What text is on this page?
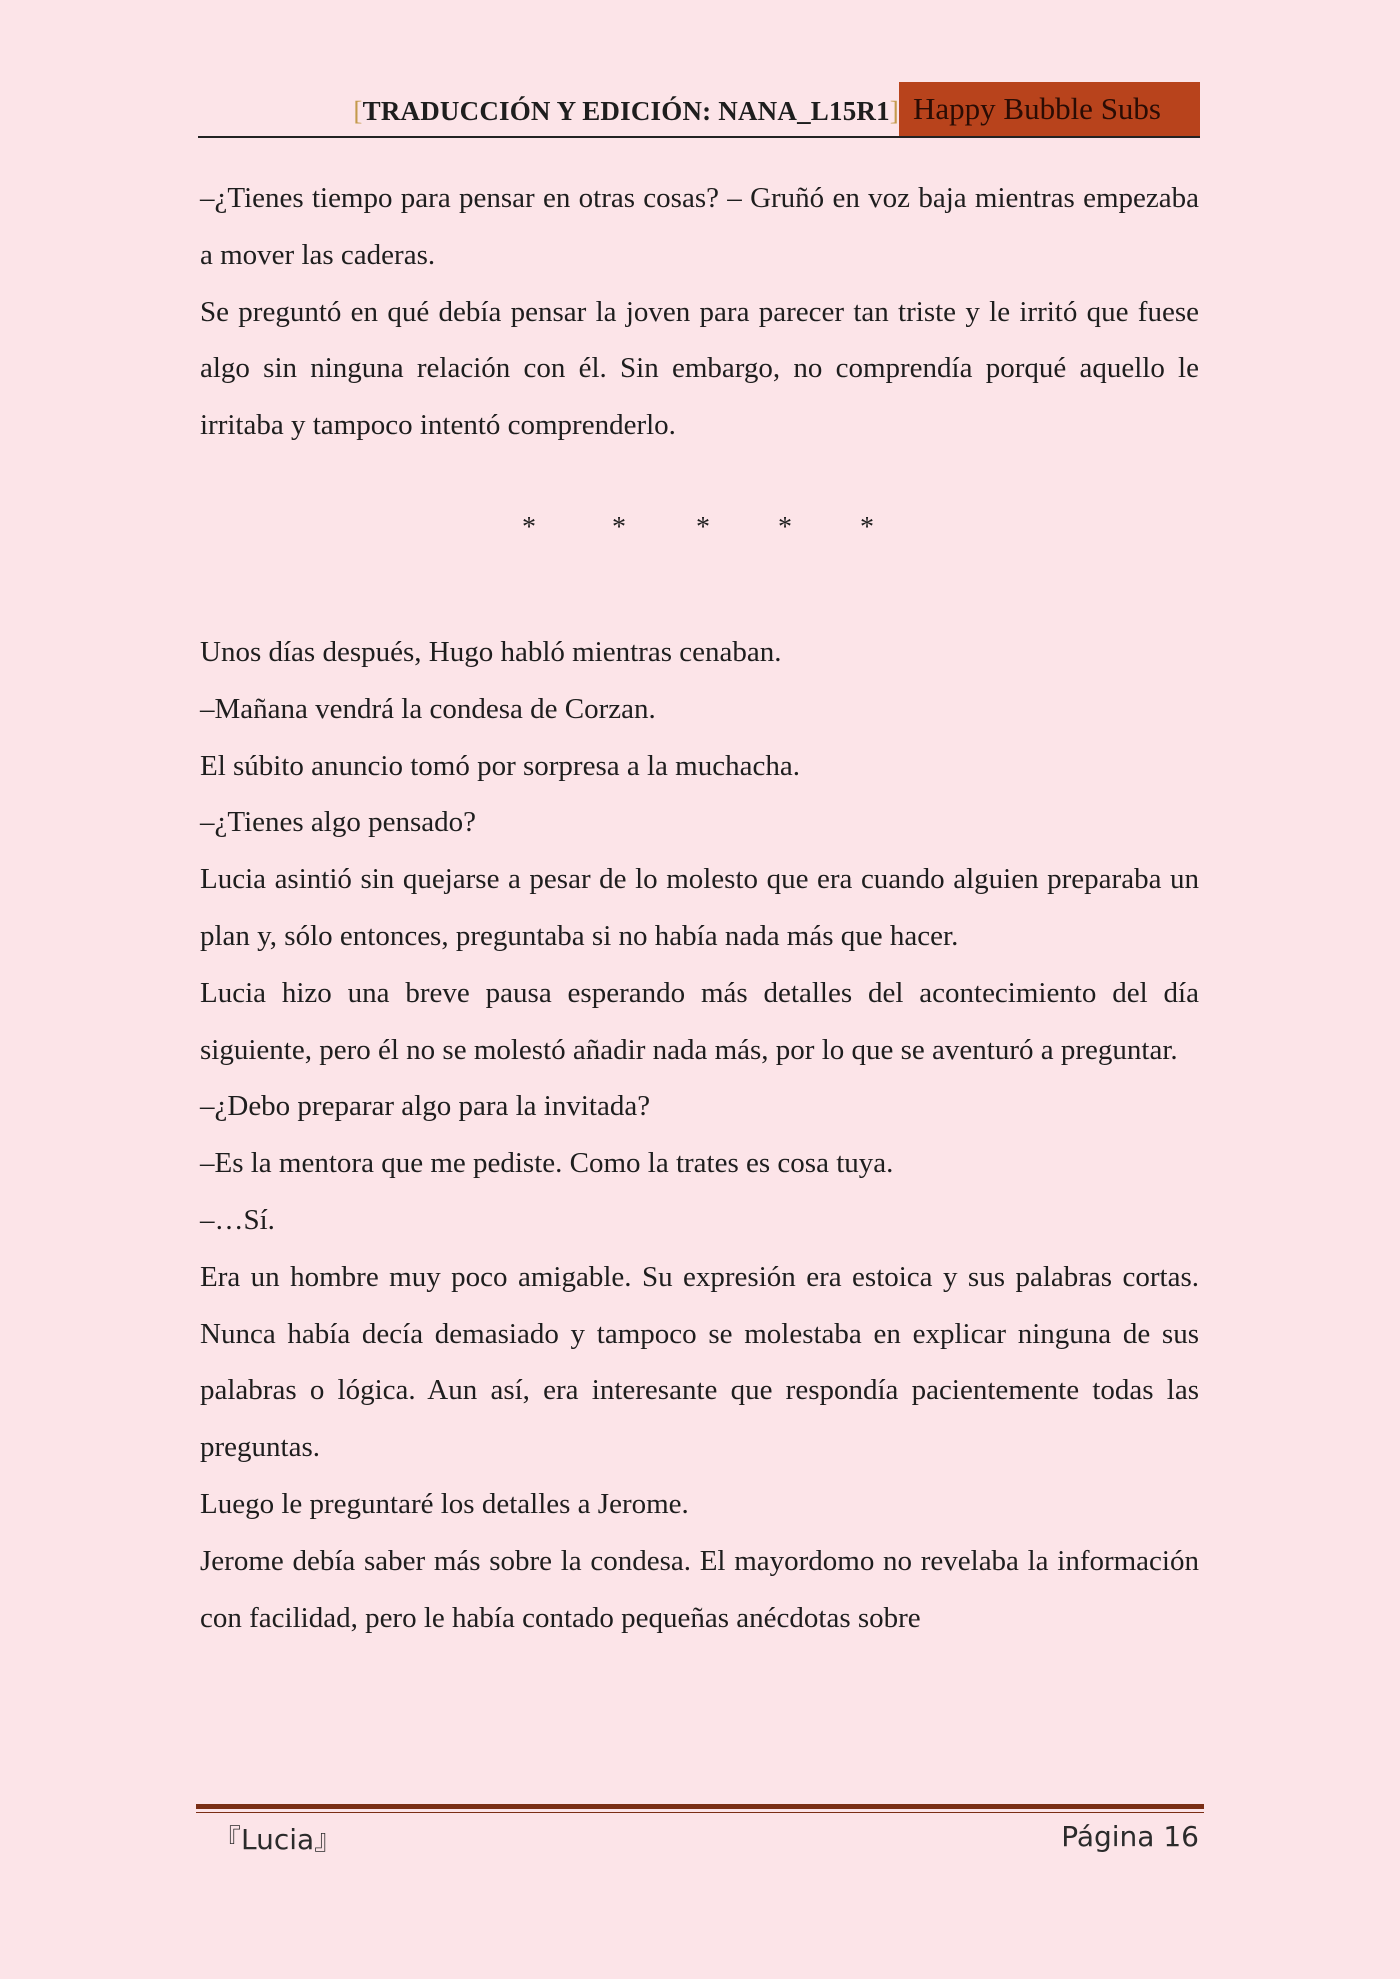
[TRADUCCIÓN Y EDICIÓN: NANA_L15R1] Happy Bubble Subs

–¿Tienes tiempo para pensar en otras cosas? – Gruñó en voz baja mientras empezaba a mover las caderas.

Se preguntó en qué debía pensar la joven para parecer tan triste y le irritó que fuese algo sin ninguna relación con él. Sin embargo, no comprendía porqué aquello le irritaba y tampoco intentó comprenderlo.

*	*	* * *

Unos días después, Hugo habló mientras cenaban.

–Mañana vendrá la condesa de Corzan.

El súbito anuncio tomó por sorpresa a la muchacha.

–¿Tienes algo pensado?

Lucia asintió sin quejarse a pesar de lo molesto que era cuando alguien preparaba un plan y, sólo entonces, preguntaba si no había nada más que hacer.

Lucia hizo una breve pausa esperando más detalles del acontecimiento del día siguiente, pero él no se molestó añadir nada más, por lo que se aventuró a preguntar.

–¿Debo preparar algo para la invitada?

–Es la mentora que me pediste. Como la trates es cosa tuya.

–…Sí.

Era un hombre muy poco amigable. Su expresión era estoica y sus palabras cortas. Nunca había decía demasiado y tampoco se molestaba en explicar ninguna de sus palabras o lógica. Aun así, era interesante que respondía pacientemente todas las preguntas.

Luego le preguntaré los detalles a Jerome.

Jerome debía saber más sobre la condesa. El mayordomo no revelaba la información con facilidad, pero le había contado pequeñas anécdotas sobre

『Lucia』	Página 16
